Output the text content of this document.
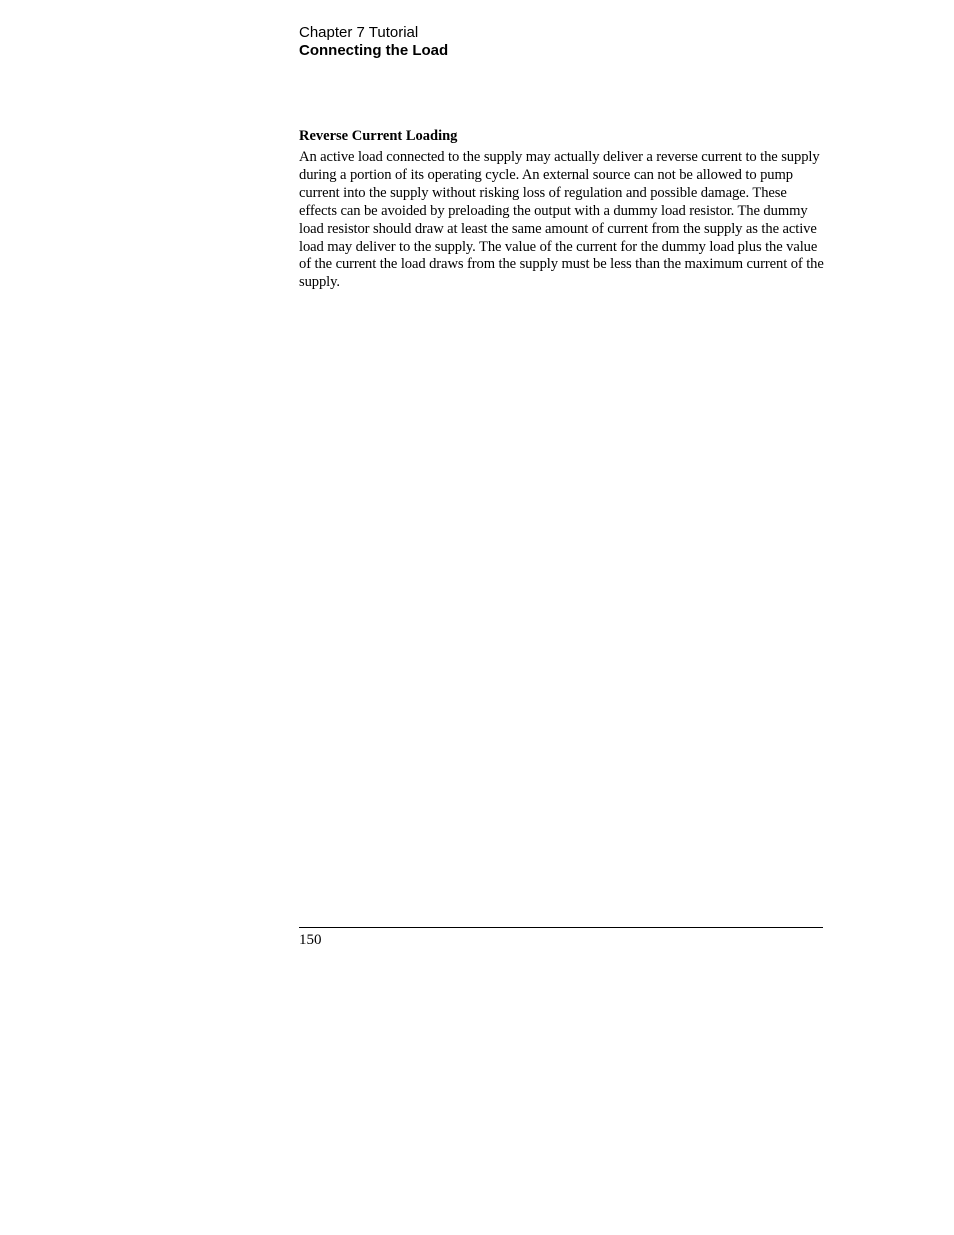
Chapter 7 Tutorial
Connecting the Load
Reverse Current Loading

An active load connected to the supply may actually deliver a reverse current to the supply during a portion of its operating cycle. An external source can not be allowed to pump current into the supply without risking loss of regulation and possible damage. These effects can be avoided by preloading the output with a dummy load resistor. The dummy load resistor should draw at least the same amount of current from the supply as the active load may deliver to the supply. The value of the current for the dummy load plus the value of the current the load draws from the supply must be less than the maximum current of the supply.

150
